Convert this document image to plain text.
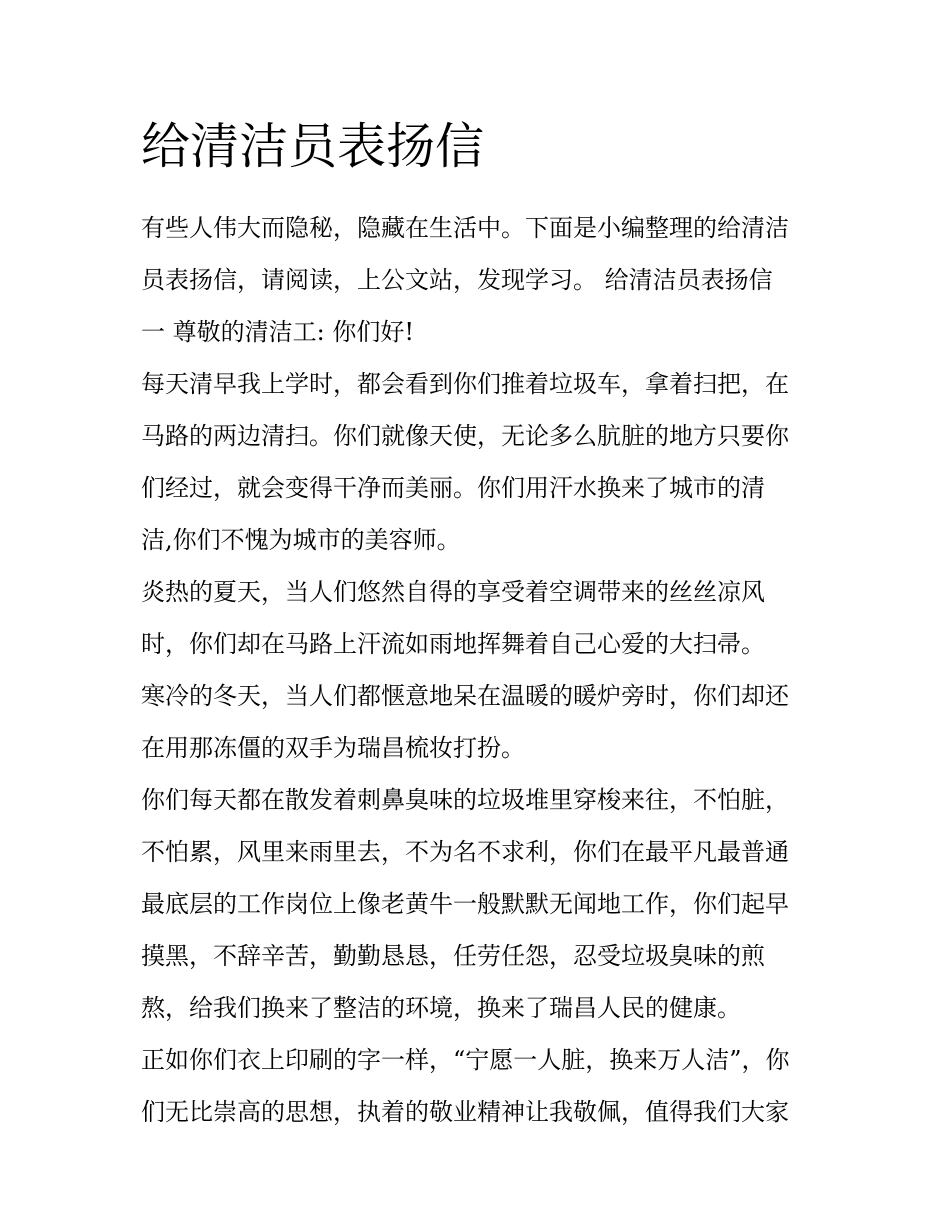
给清洁员表扬信
有些人伟大而隐秘，隐藏在生活中。下面是小编整理的给清洁
员表扬信，请阅读，上公文站，发现学习。 给清洁员表扬信
一 尊敬的清洁工: 你们好!
每天清早我上学时，都会看到你们推着垃圾车，拿着扫把，在
马路的两边清扫。你们就像天使，无论多么肮脏的地方只要你
们经过，就会变得干净而美丽。你们用汗水换来了城市的清
洁,你们不愧为城市的美容师。
炎热的夏天，当人们悠然自得的享受着空调带来的丝丝凉风
时，你们却在马路上汗流如雨地挥舞着自己心爱的大扫帚。
寒冷的冬天，当人们都惬意地呆在温暖的暖炉旁时，你们却还
在用那冻僵的双手为瑞昌梳妆打扮。
你们每天都在散发着刺鼻臭味的垃圾堆里穿梭来往，不怕脏，
不怕累，风里来雨里去，不为名不求利，你们在最平凡最普通
最底层的工作岗位上像老黄牛一般默默无闻地工作，你们起早
摸黑，不辞辛苦，勤勤恳恳，任劳任怨，忍受垃圾臭味的煎
熬，给我们换来了整洁的环境，换来了瑞昌人民的健康。
正如你们衣上印刷的字一样，“宁愿一人脏，换来万人洁”，你
们无比崇高的思想，执着的敬业精神让我敬佩，值得我们大家
